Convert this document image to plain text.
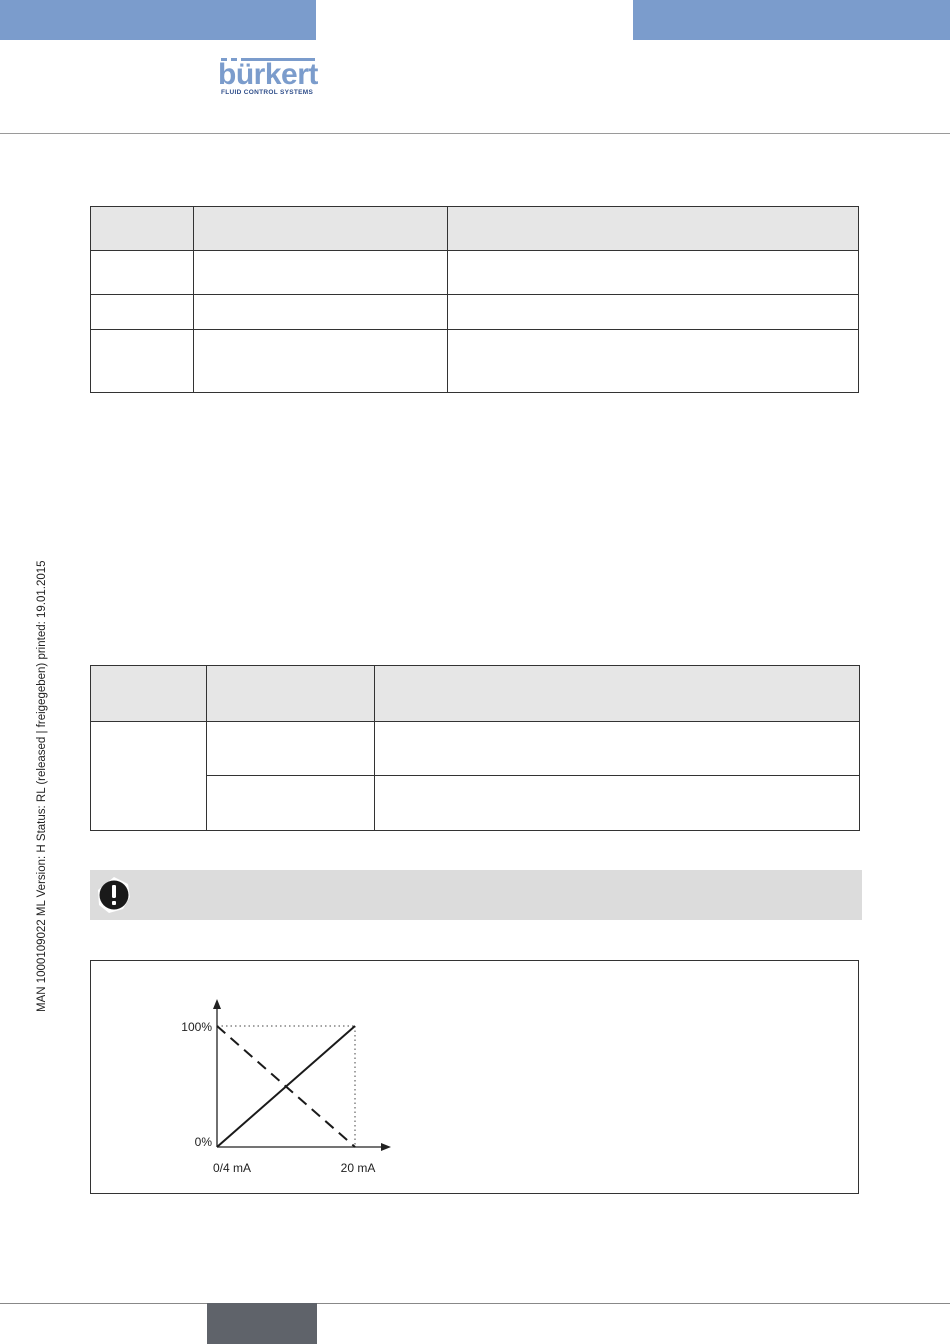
bürkert
FLUID CONTROL SYSTEMS
MAN 1000109022 ML Version: H Status: RL (released | freigegeben) printed: 19.01.2015

100%
0%
0/4 mA	20 mA
